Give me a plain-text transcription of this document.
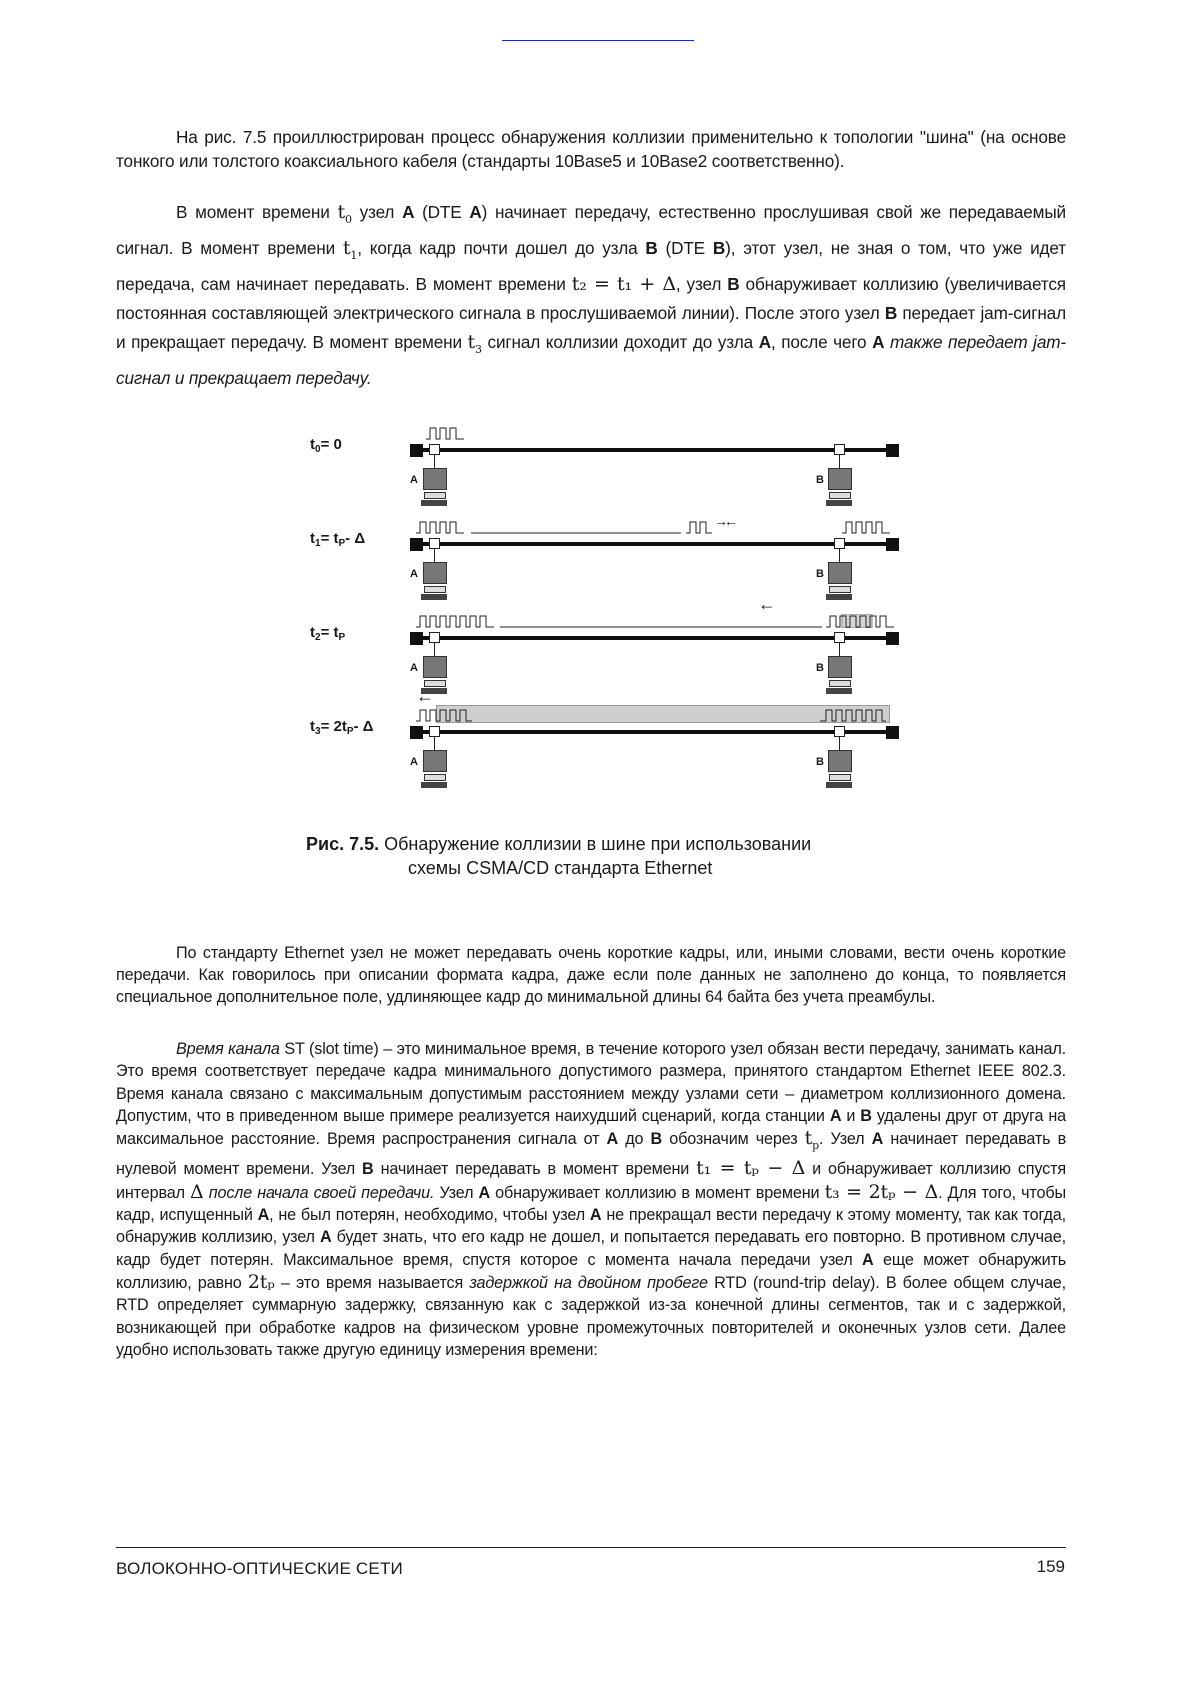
На рис. 7.5 проиллюстрирован процесс обнаружения коллизии применительно к топологии "шина" (на основе тонкого или толстого коаксиального кабеля (стандарты 10Base5 и 10Base2 соответственно).

В момент времени $t_0$ узел A (DTE A) начинает передачу, естественно прослушивая свой же передаваемый сигнал. В момент времени $t_1$, когда кадр почти дошел до узла B (DTE B), этот узел, не зная о том, что уже идет передача, сам начинает передавать. В момент времени t₂ = t₁ + Δ, узел B обнаруживает коллизию (увеличивается постоянная составляющей электрического сигнала в прослушиваемой линии). После этого узел B передает jam-сигнал и прекращает передачу. В момент времени $t_3$ сигнал коллизии доходит до узла A, после чего A также передает jam-сигнал и прекращает передачу.

$t_0= 0$
A	B
$t_1= t_P-$ Δ
→
←
A	B
$t_2= t_P$
←
A	B
$t_3= 2t_P-$ Δ
←
A	B
Рис. 7.5. Обнаружение коллизии в шине при использовании
схемы CSMA/CD стандарта Ethernet

По стандарту Ethernet узел не может передавать очень короткие кадры, или, иными словами, вести очень короткие передачи. Как говорилось при описании формата кадра, даже если поле данных не заполнено до конца, то появляется специальное дополнительное поле, удлиняющее кадр до минимальной длины 64 байта без учета преамбулы.

Время канала ST (slot time) – это минимальное время, в течение которого узел обязан вести передачу, занимать канал. Это время соответствует передаче кадра минимального допустимого размера, принятого стандартом Ethernet IEEE 802.3. Время канала связано с максимальным допустимым расстоянием между узлами сети – диаметром коллизионного домена. Допустим, что в приведенном выше примере реализуется наихудший сценарий, когда станции A и B удалены друг от друга на максимальное расстояние. Время распространения сигнала от A до B обозначим через $t_p$. Узел A начинает передавать в нулевой момент времени. Узел B начинает передавать в момент времени t₁ = tₚ − Δ и обнаруживает коллизию спустя интервал Δ после начала своей передачи. Узел A обнаруживает коллизию в момент времени t₃ = 2tₚ − Δ. Для того, чтобы кадр, испущенный A, не был потерян, необходимо, чтобы узел A не прекращал вести передачу к этому моменту, так как тогда, обнаружив коллизию, узел A будет знать, что его кадр не дошел, и попытается передавать его повторно. В противном случае, кадр будет потерян. Максимальное время, спустя которое с момента начала передачи узел A еще может обнаружить коллизию, равно 2tₚ – это время называется задержкой на двойном пробеге RTD (round-trip delay). В более общем случае, RTD определяет суммарную задержку, связанную как с задержкой из-за конечной длины сегментов, так и с задержкой, возникающей при обработке кадров на физическом уровне промежуточных повторителей и оконечных узлов сети. Далее удобно использовать также другую единицу измерения времени:

ВОЛОКОННО-ОПТИЧЕСКИЕ СЕТИ	159
